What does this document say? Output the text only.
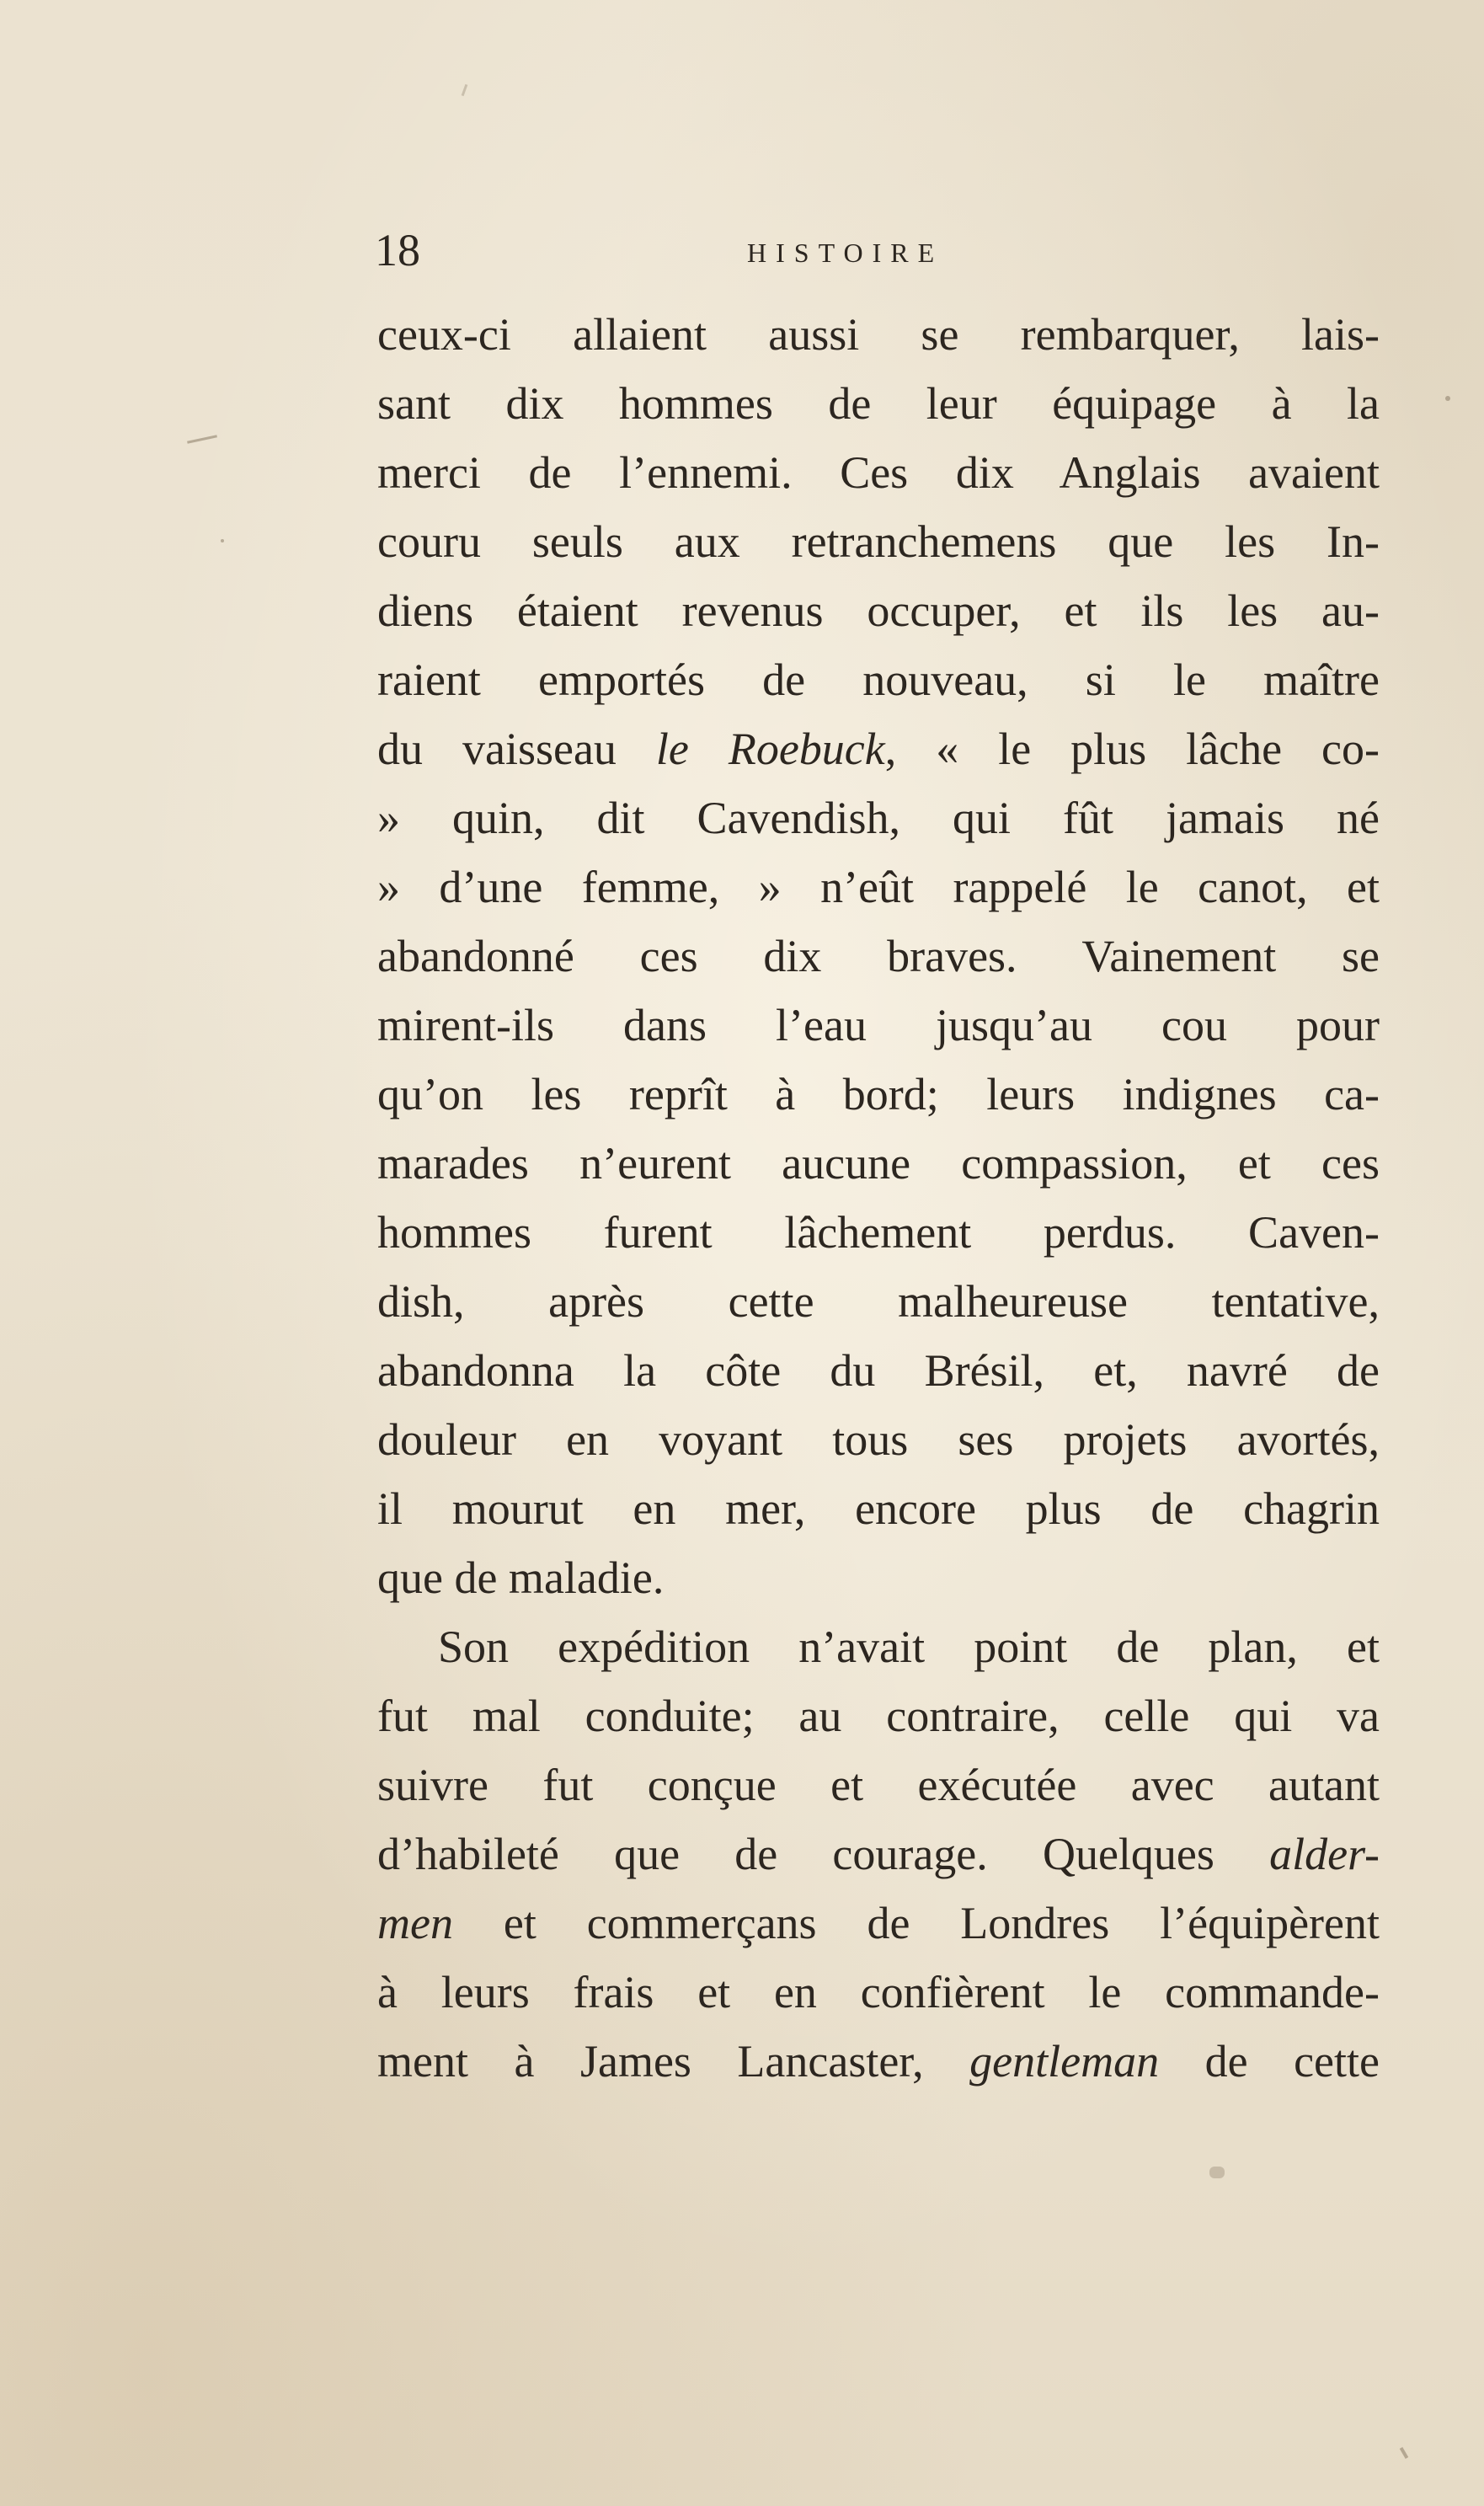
18	HISTOIRE
ceux-ci allaient aussi se rembarquer, lais-
sant dix hommes de leur équipage à la
merci de l’ennemi. Ces dix Anglais avaient
couru seuls aux retranchemens que les In-
diens étaient revenus occuper, et ils les au-
raient emportés de nouveau, si le maître
du vaisseau le Roebuck, « le plus lâche co-
» quin, dit Cavendish, qui fût jamais né
» d’une femme, » n’eût rappelé le canot, et
abandonné ces dix braves. Vainement se
mirent-ils dans l’eau jusqu’au cou pour
qu’on les reprît à bord; leurs indignes ca-
marades n’eurent aucune compassion, et ces
hommes furent lâchement perdus. Caven-
dish, après cette malheureuse tentative,
abandonna la côte du Brésil, et, navré de
douleur en voyant tous ses projets avortés,
il mourut en mer, encore plus de chagrin
que de maladie.
Son expédition n’avait point de plan, et
fut mal conduite; au contraire, celle qui va
suivre fut conçue et exécutée avec autant
d’habileté que de courage. Quelques alder-
men et commerçans de Londres l’équipèrent
à leurs frais et en confièrent le commande-
ment à James Lancaster, gentleman de cette
